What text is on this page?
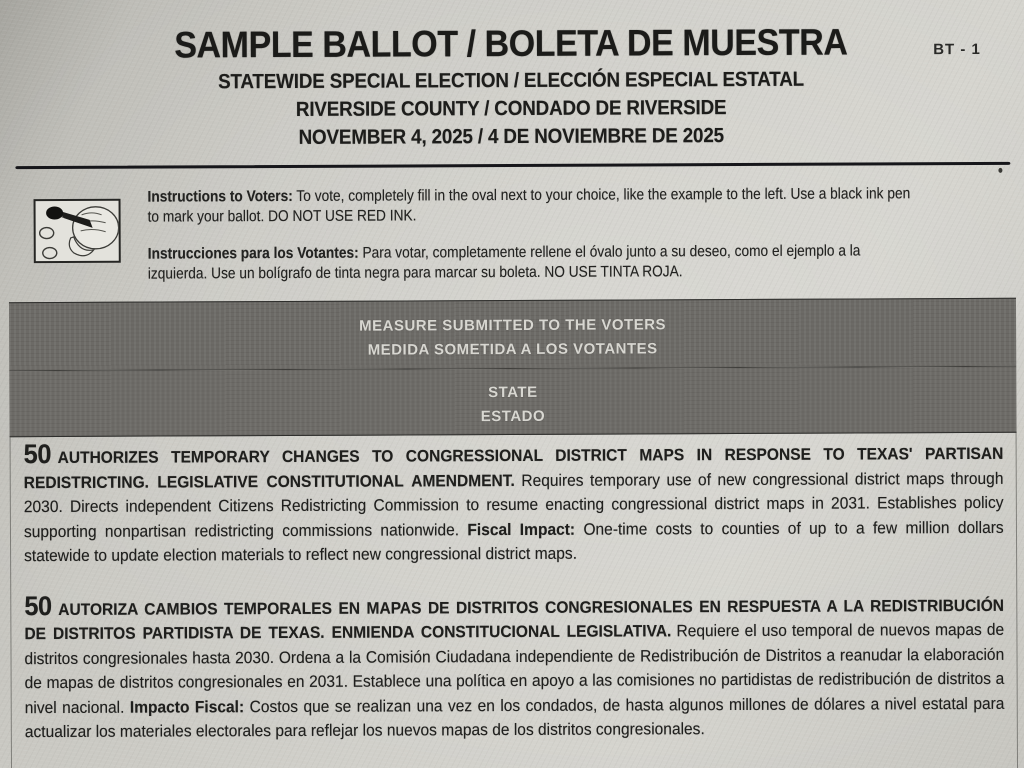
SAMPLE BALLOT / BOLETA DE MUESTRA
STATEWIDE SPECIAL ELECTION / ELECCIÓN ESPECIAL ESTATAL
RIVERSIDE COUNTY / CONDADO DE RIVERSIDE
NOVEMBER 4, 2025 / 4 DE NOVIEMBRE DE 2025
BT - 1
Instructions to Voters: To vote, completely fill in the oval next to your choice, like the example to the left. Use a black ink pen to mark your ballot. DO NOT USE RED INK.
Instrucciones para los Votantes: Para votar, completamente rellene el óvalo junto a su deseo, como el ejemplo a la izquierda. Use un bolígrafo de tinta negra para marcar su boleta. NO USE TINTA ROJA.
MEASURE SUBMITTED TO THE VOTERS
MEDIDA SOMETIDA A LOS VOTANTES
STATE
ESTADO
50 AUTHORIZES TEMPORARY CHANGES TO CONGRESSIONAL DISTRICT MAPS IN RESPONSE TO TEXAS' PARTISAN REDISTRICTING. LEGISLATIVE CONSTITUTIONAL AMENDMENT. Requires temporary use of new congressional district maps through 2030. Directs independent Citizens Redistricting Commission to resume enacting congressional district maps in 2031. Establishes policy supporting nonpartisan redistricting commissions nationwide. Fiscal Impact: One-time costs to counties of up to a few million dollars statewide to update election materials to reflect new congressional district maps.
50 AUTORIZA CAMBIOS TEMPORALES EN MAPAS DE DISTRITOS CONGRESIONALES EN RESPUESTA A LA REDISTRIBUCIÓN DE DISTRITOS PARTIDISTA DE TEXAS. ENMIENDA CONSTITUCIONAL LEGISLATIVA. Requiere el uso temporal de nuevos mapas de distritos congresionales hasta 2030. Ordena a la Comisión Ciudadana independiente de Redistribución de Distritos a reanudar la elaboración de mapas de distritos congresionales en 2031. Establece una política en apoyo a las comisiones no partidistas de redistribución de distritos a nivel nacional. Impacto Fiscal: Costos que se realizan una vez en los condados, de hasta algunos millones de dólares a nivel estatal para actualizar los materiales electorales para reflejar los nuevos mapas de los distritos congresionales.
